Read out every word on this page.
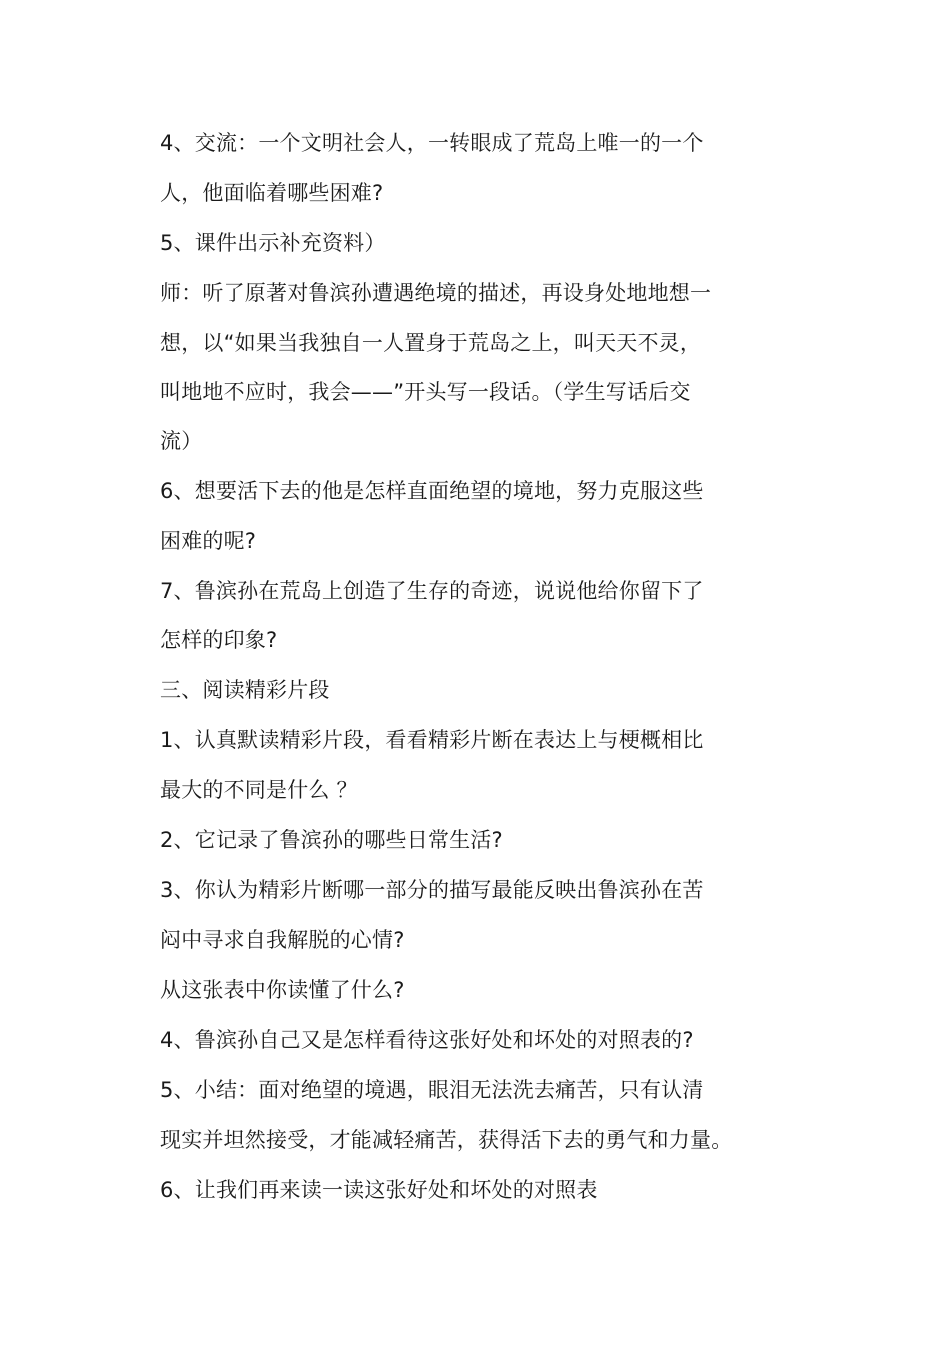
4、交流：一个文明社会人，一转眼成了荒岛上唯一的一个
人，他面临着哪些困难?
5、课件出示补充资料）
师：听了原著对鲁滨孙遭遇绝境的描述，再设身处地地想一
想，以“如果当我独自一人置身于荒岛之上，叫天天不灵，
叫地地不应时，我会——”开头写一段话。（学生写话后交
流）
6、想要活下去的他是怎样直面绝望的境地，努力克服这些
困难的呢?
7、鲁滨孙在荒岛上创造了生存的奇迹，说说他给你留下了
怎样的印象?
三、阅读精彩片段
1、认真默读精彩片段，看看精彩片断在表达上与梗概相比
最大的不同是什么 ？
2、它记录了鲁滨孙的哪些日常生活?
3、你认为精彩片断哪一部分的描写最能反映出鲁滨孙在苦
闷中寻求自我解脱的心情?
从这张表中你读懂了什么?
4、鲁滨孙自己又是怎样看待这张好处和坏处的对照表的?
5、小结：面对绝望的境遇，眼泪无法洗去痛苦，只有认清
现实并坦然接受，才能减轻痛苦，获得活下去的勇气和力量。
6、让我们再来读一读这张好处和坏处的对照表
